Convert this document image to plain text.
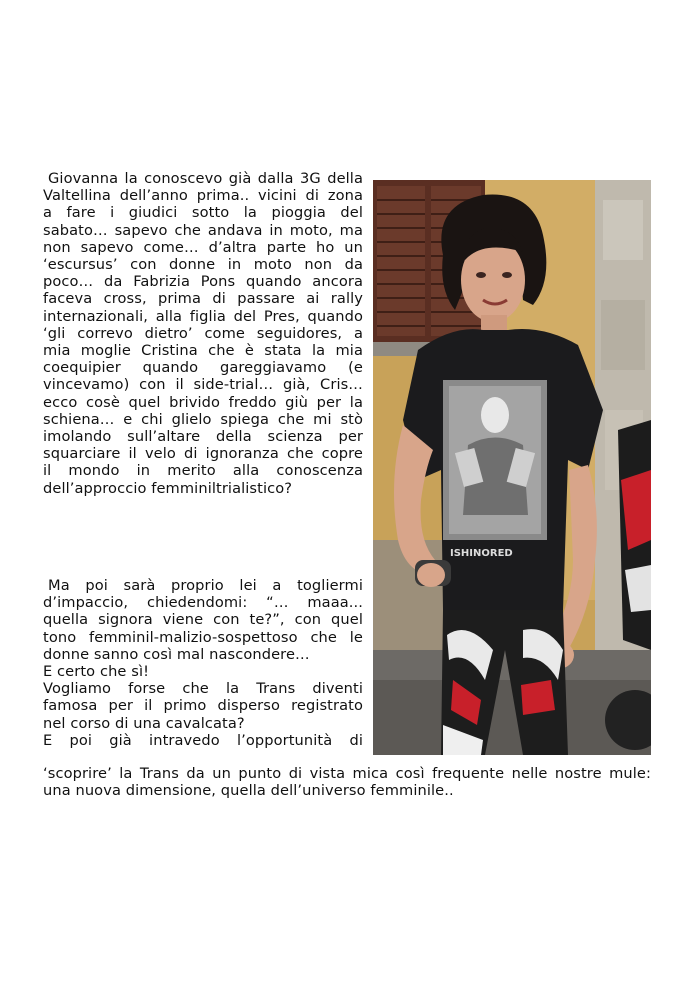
Giovanna la conoscevo già dalla 3G della
Valtellina dell’anno prima.. vicini di zona
a fare i giudici sotto la pioggia del
sabato… sapevo che andava in moto, ma
non sapevo come… d’altra parte ho un
‘escursus’ con donne in moto non da
poco… da Fabrizia Pons quando ancora
faceva cross, prima di passare ai rally
internazionali, alla figlia del Pres, quando
‘gli correvo dietro’ come seguidores, a
mia moglie Cristina che è stata la mia
coequipier quando gareggiavamo (e
vincevamo) con il side-trial… già, Cris…
ecco cosè quel brivido freddo giù per la
schiena… e chi glielo spiega che mi stò
imolando sull’altare della scienza per
squarciare il velo di ignoranza che copre
il mondo in merito alla conoscenza
dell’approccio femminiltrialistico?
Ma poi sarà proprio lei a togliermi
d’impaccio, chiedendomi: “… maaa...
quella signora viene con te?”, con quel
tono femminil-malizio-sospettoso che le
donne sanno così mal nascondere…
E certo che sì!
Vogliamo forse che la Trans diventi
famosa per il primo disperso registrato
nel corso di una cavalcata?
E poi già intravedo l’opportunità di
‘scoprire’ la Trans da un punto di vista mica così frequente nelle nostre mule:
una nuova dimensione, quella dell’universo femminile..
ISHINORED
